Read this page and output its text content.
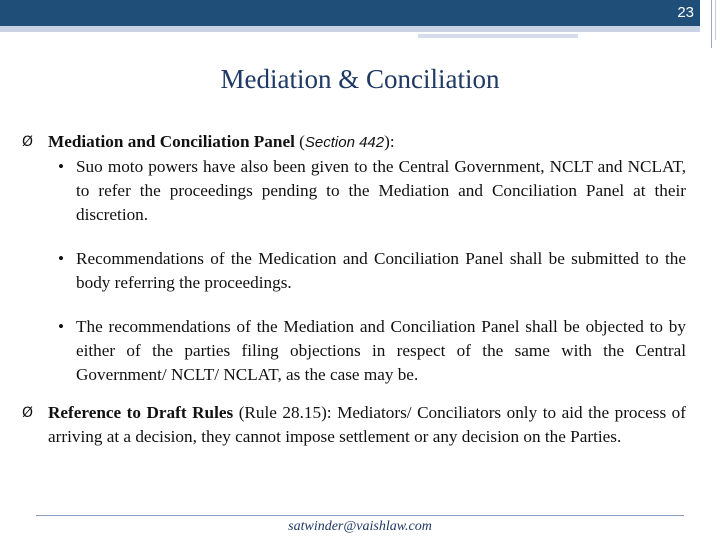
23
Mediation & Conciliation
Ø Mediation and Conciliation Panel (Section 442):
• Suo moto powers have also been given to the Central Government, NCLT and NCLAT, to refer the proceedings pending to the Mediation and Conciliation Panel at their discretion.
• Recommendations of the Medication and Conciliation Panel shall be submitted to the body referring the proceedings.
• The recommendations of the Mediation and Conciliation Panel shall be objected to by either of the parties filing objections in respect of the same with the Central Government/ NCLT/ NCLAT, as the case may be.
Ø Reference to Draft Rules (Rule 28.15): Mediators/ Conciliators only to aid the process of arriving at a decision, they cannot impose settlement or any decision on the Parties.
satwinder@vaishlaw.com
